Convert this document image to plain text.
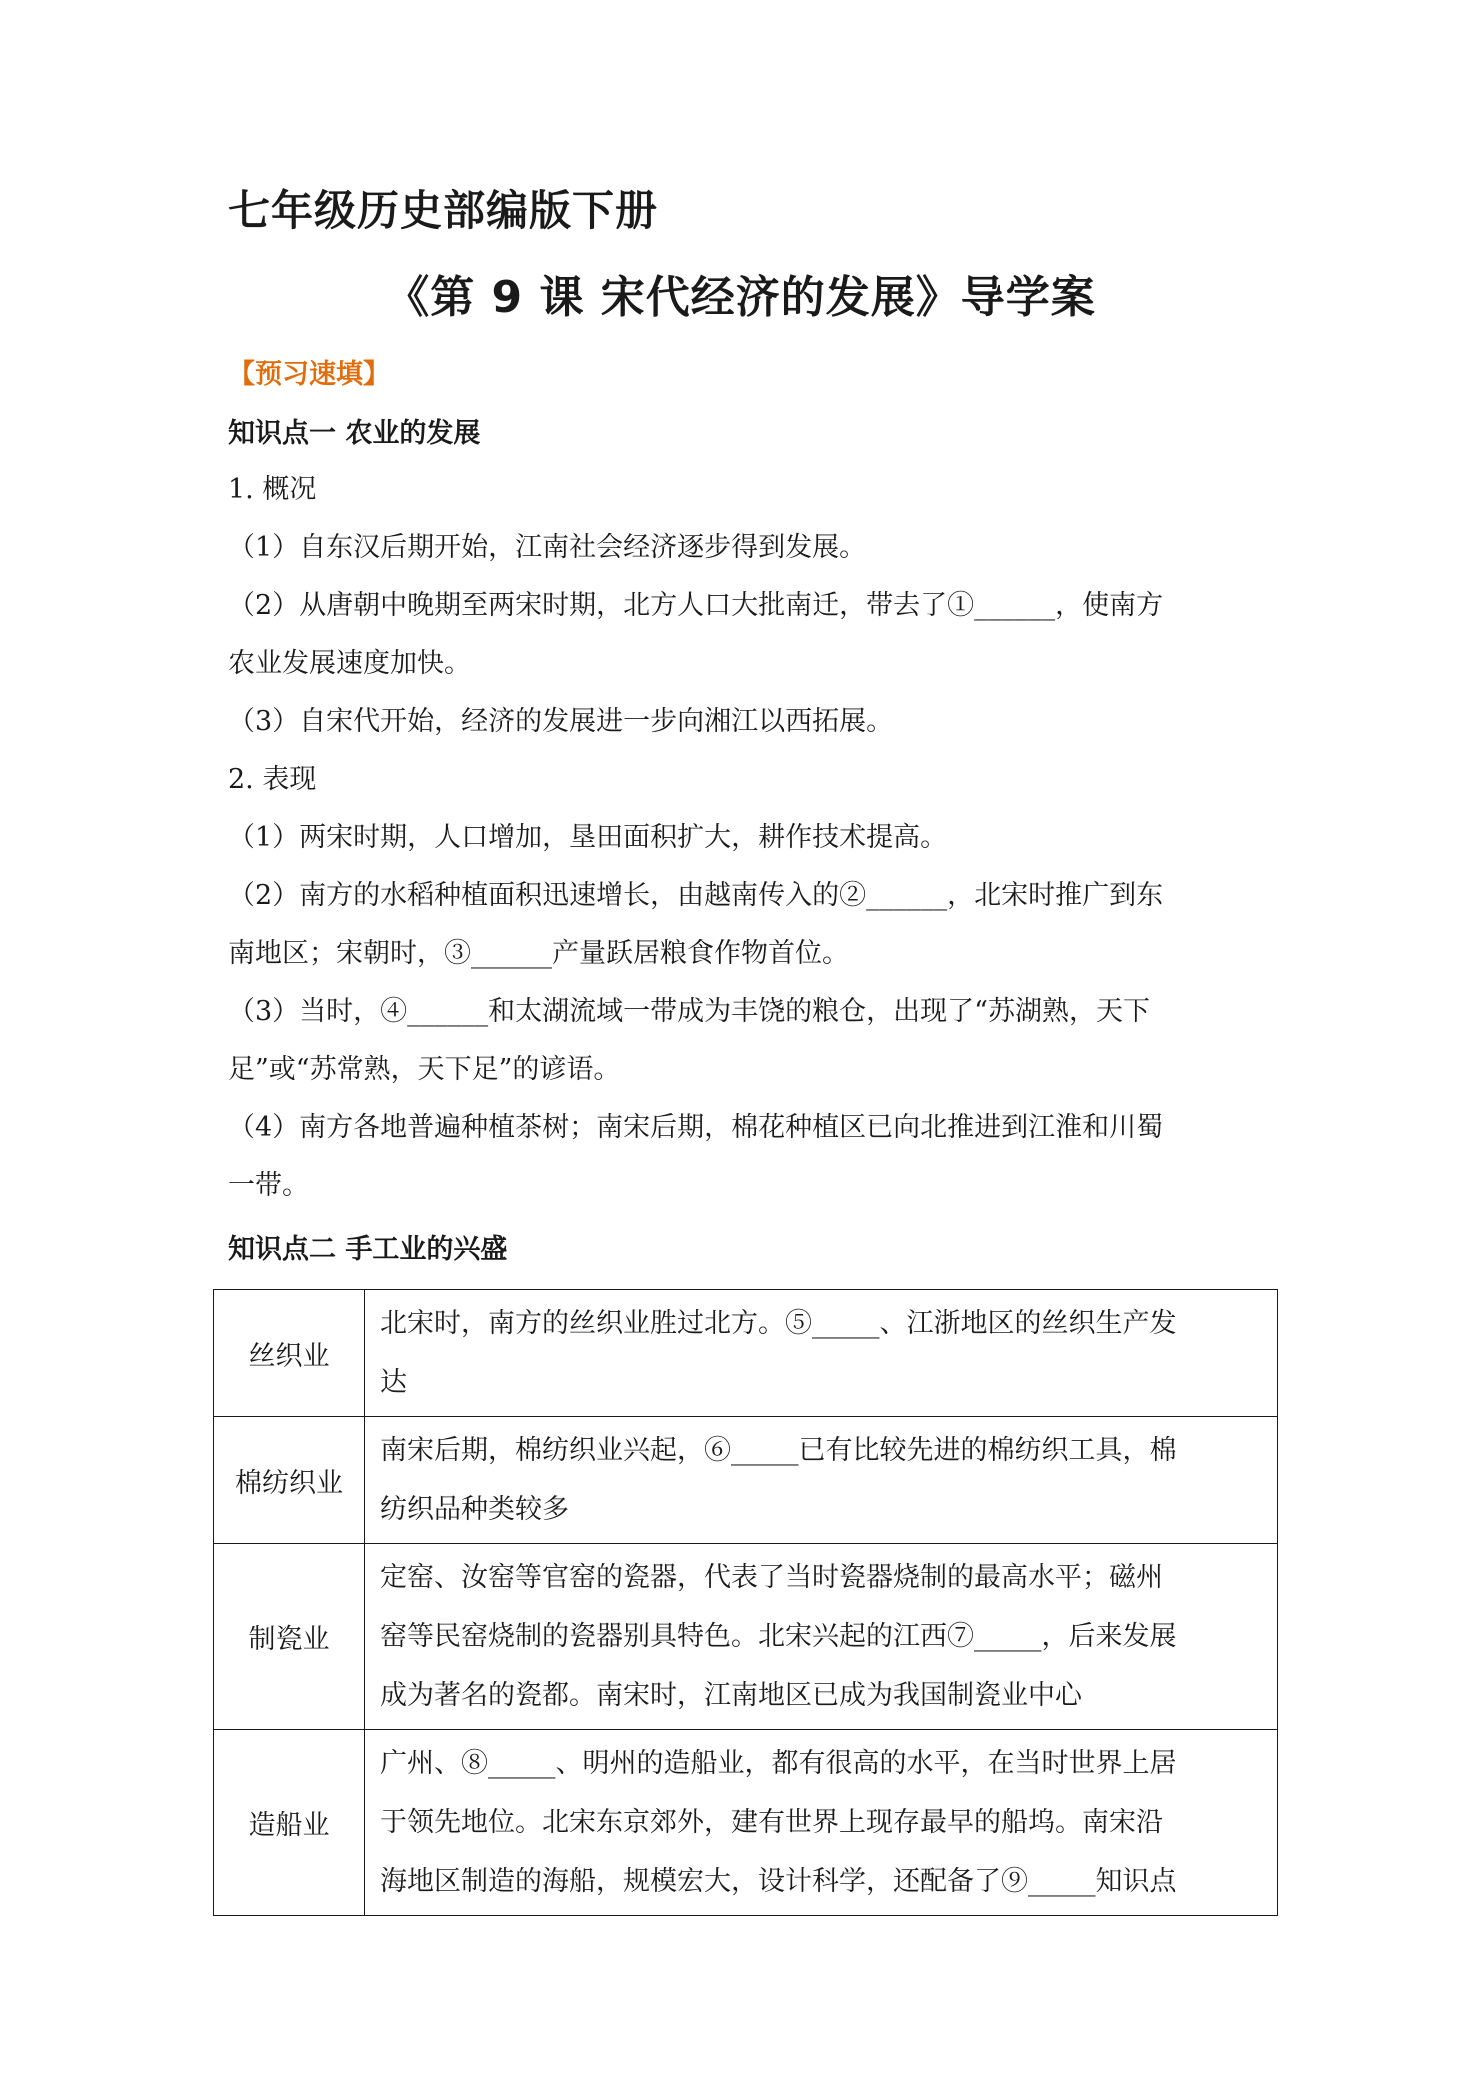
七年级历史部编版下册
《第 9 课 宋代经济的发展》导学案
【预习速填】
知识点一 农业的发展
1. 概况
（1）自东汉后期开始，江南社会经济逐步得到发展。
（2）从唐朝中晚期至两宋时期，北方人口大批南迁，带去了①______，使南方
农业发展速度加快。
（3）自宋代开始，经济的发展进一步向湘江以西拓展。
2. 表现
（1）两宋时期，人口增加，垦田面积扩大，耕作技术提高。
（2）南方的水稻种植面积迅速增长，由越南传入的②______，北宋时推广到东
南地区；宋朝时，③______产量跃居粮食作物首位。
（3）当时，④______和太湖流域一带成为丰饶的粮仓，出现了“苏湖熟，天下
足”或“苏常熟，天下足”的谚语。
（4）南方各地普遍种植茶树；南宋后期，棉花种植区已向北推进到江淮和川蜀
一带。
知识点二 手工业的兴盛
丝织业	北宋时，南方的丝织业胜过北方。⑤_____、江浙地区的丝织生产发
达

棉纺织业	南宋后期，棉纺织业兴起，⑥_____已有比较先进的棉纺织工具，棉
纺织品种类较多

制瓷业	定窑、汝窑等官窑的瓷器，代表了当时瓷器烧制的最高水平；磁州
窑等民窑烧制的瓷器别具特色。北宋兴起的江西⑦_____，后来发展
成为著名的瓷都。南宋时，江南地区已成为我国制瓷业中心

造船业	广州、⑧_____、明州的造船业，都有很高的水平，在当时世界上居
于领先地位。北宋东京郊外，建有世界上现存最早的船坞。南宋沿
海地区制造的海船，规模宏大，设计科学，还配备了⑨_____知识点
